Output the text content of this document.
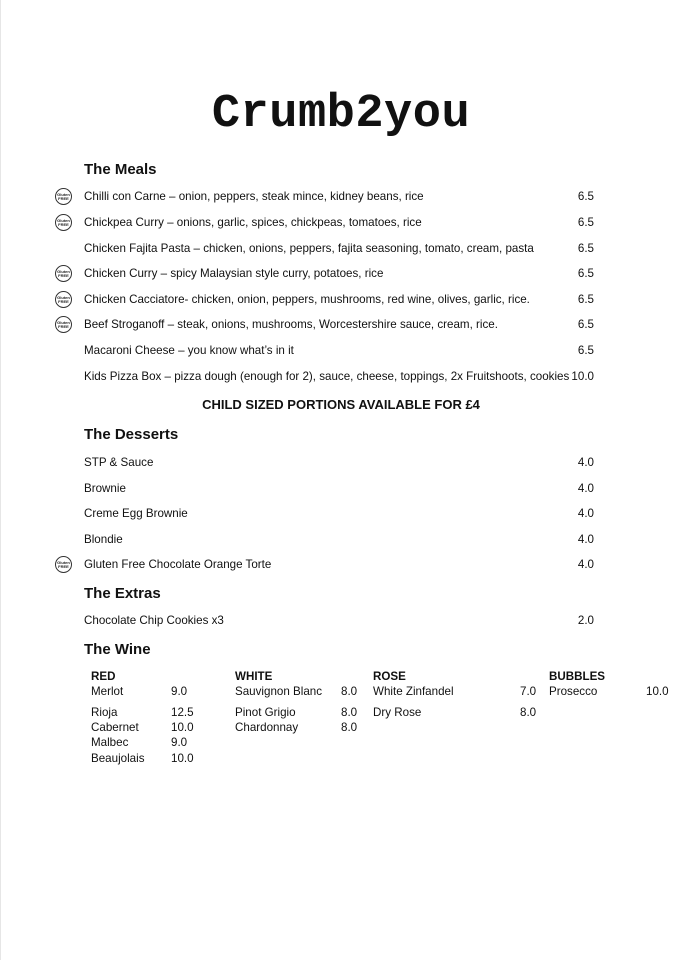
Crumb2you
The Meals
Chilli con Carne – onion, peppers, steak mince, kidney beans, rice	6.5
Gluten
FREE
Chickpea Curry – onions, garlic, spices, chickpeas, tomatoes, rice	6.5
Gluten
FREE
Chicken Fajita Pasta – chicken, onions, peppers, fajita seasoning, tomato, cream, pasta	6.5
Chicken Curry – spicy Malaysian style curry, potatoes, rice	6.5
Gluten
FREE
Chicken Cacciatore- chicken, onion, peppers, mushrooms, red wine, olives, garlic, rice.	6.5
Gluten
FREE
Beef Stroganoff – steak, onions, mushrooms, Worcestershire sauce, cream, rice.	6.5
Gluten
FREE
Macaroni Cheese – you know what’s in it	6.5
Kids Pizza Box – pizza dough (enough for 2), sauce, cheese, toppings, 2x Fruitshoots, cookies 10.0
CHILD SIZED PORTIONS AVAILABLE FOR £4
The Desserts
STP & Sauce	4.0
Brownie	4.0
Creme Egg Brownie	4.0
Blondie	4.0
Gluten Free Chocolate Orange Torte	4.0
Gluten
FREE
The Extras
Chocolate Chip Cookies x3	2.0
The Wine
RED
Merlot	9.0
Rioja	12.5
Cabernet	10.0
Malbec	9.0
Beaujolais 10.0
WHITE
Sauvignon Blanc 8.0
Pinot Grigio	8.0
Chardonnay	8.0
ROSE
White Zinfandel	7.0
Dry Rose	8.0
BUBBLES
Prosecco	10.0
